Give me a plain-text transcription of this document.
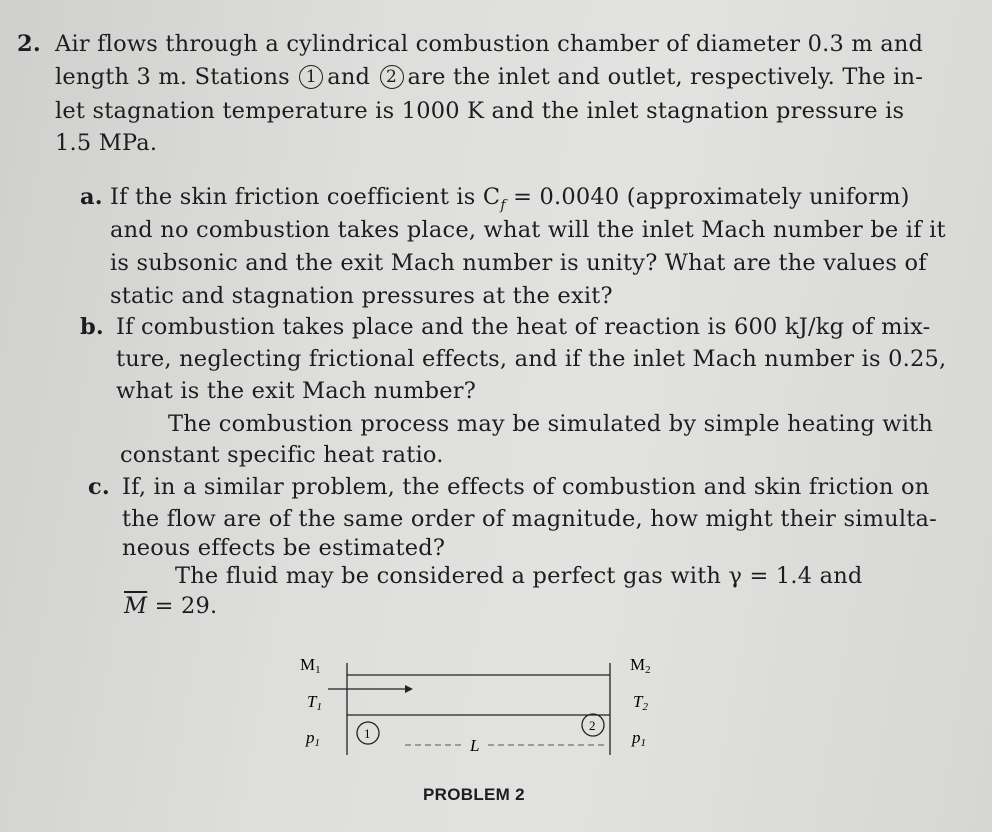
2. Air flows through a cylindrical combustion chamber of diameter 0.3 m and
length 3 m. Stations 1 and 2 are the inlet and outlet, respectively. The in-
let stagnation temperature is 1000 K and the inlet stagnation pressure is
1.5 MPa.
a. If the skin friction coefficient is $C_f = 0.0040$ (approximately uniform)
and no combustion takes place, what will the inlet Mach number be if it
is subsonic and the exit Mach number is unity? What are the values of
static and stagnation pressures at the exit?
b. If combustion takes place and the heat of reaction is 600 kJ/kg of mix-
ture, neglecting frictional effects, and if the inlet Mach number is 0.25,
what is the exit Mach number?
The combustion process may be simulated by simple heating with
constant specific heat ratio.
c. If, in a similar problem, the effects of combustion and skin friction on
the flow are of the same order of magnitude, how might their simulta-
neous effects be estimated?
The fluid may be considered a perfect gas with γ = 1.4 and
$\overline{M} = 29$.
M1
T1
p1
1
2
L
M2
T2
p1
PROBLEM 2
